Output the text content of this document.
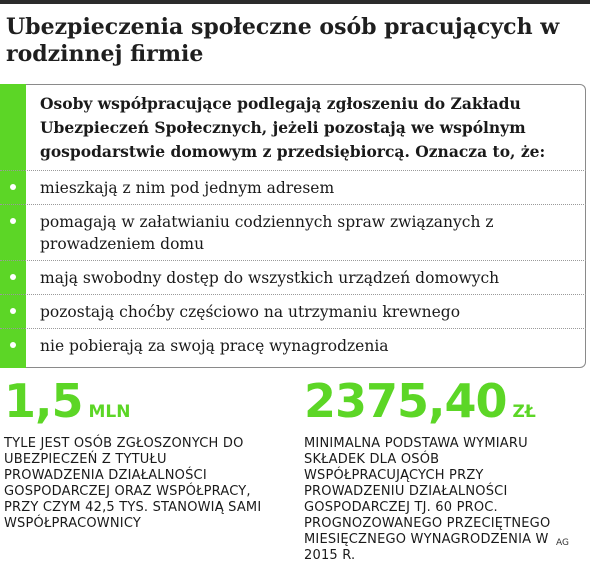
Ubezpieczenia społeczne osób pracujących w rodzinnej firmie
Osoby współpracujące podlegają zgłoszeniu do Zakładu Ubezpieczeń Społecznych, jeżeli pozostają we wspólnym gospodarstwie domowym z przedsiębiorcą. Oznacza to, że:
mieszkają z nim pod jednym adresem
pomagają w załatwianiu codziennych spraw związanych z prowadzeniem domu
mają swobodny dostęp do wszystkich urządzeń domowych
pozostają choćby częściowo na utrzymaniu krewnego
nie pobierają za swoją pracę wynagrodzenia
1,5 MLN
TYLE JEST OSÓB ZGŁOSZONYCH DO UBEZPIECZEŃ Z TYTUŁU PROWADZENIA DZIAŁALNOŚCI GOSPODARCZEJ ORAZ WSPÓŁPRACY, PRZY CZYM 42,5 TYS. STANOWIĄ SAMI WSPÓŁPRACOWNICY
2375,40 ZŁ
MINIMALNA PODSTAWA WYMIARU SKŁADEK DLA OSÓB WSPÓŁPRACUJĄCYCH PRZY PROWADZENIU DZIAŁALNOŚCI GOSPODARCZEJ TJ. 60 PROC. PROGNOZOWANEGO PRZECIĘTNEGO MIESIĘCZNEGO WYNAGRODZENIA W 2015 R.
AG
